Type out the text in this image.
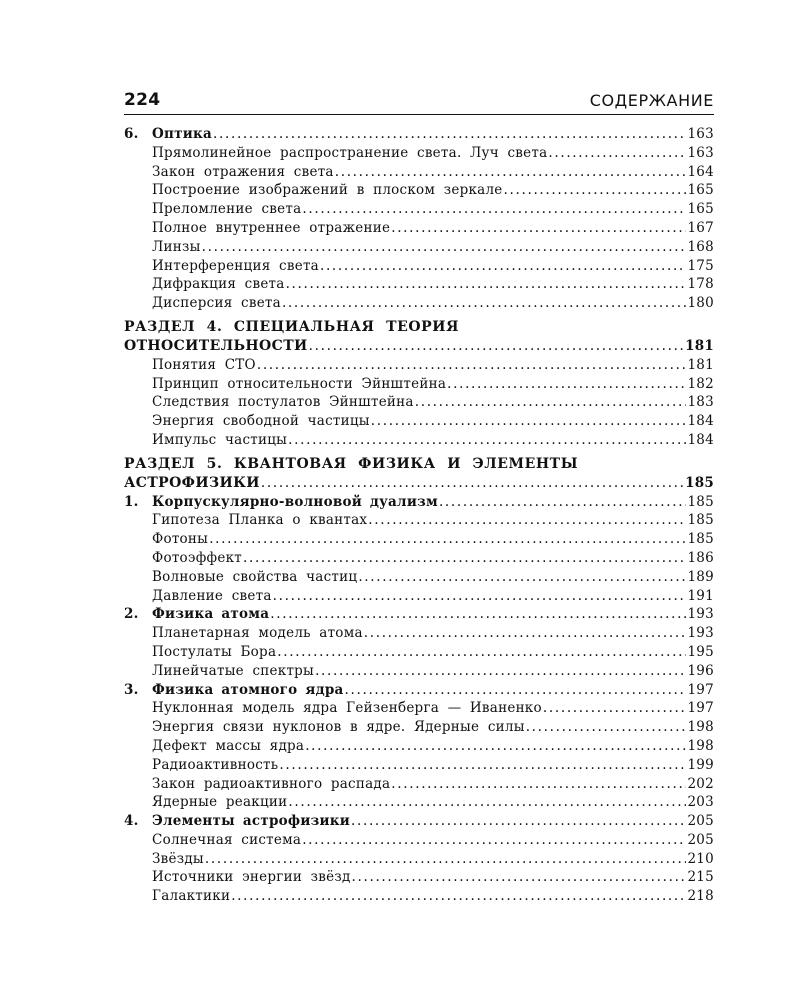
224	СОДЕРЖАНИЕ
6. Оптика . . .	163
Прямолинейное распространение света. Луч света . . .	163
Закон отражения света . . .	164
Построение изображений в плоском зеркале . . .	165
Преломление света . . .	165
Полное внутреннее отражение . . .	167
Линзы . . .	168
Интерференция света . . .	175
Дифракция света . . .	178
Дисперсия света . . .	180
РАЗДЕЛ 4. СПЕЦИАЛЬНАЯ ТЕОРИЯ
ОТНОСИТЕЛЬНОСТИ . . .	181
Понятия СТО . . .	181
Принцип относительности Эйнштейна . . .	182
Следствия постулатов Эйнштейна . . .	183
Энергия свободной частицы . . .	184
Импульс частицы . . .	184
РАЗДЕЛ 5. КВАНТОВАЯ ФИЗИКА И ЭЛЕМЕНТЫ
АСТРОФИЗИКИ . . .	185
1. Корпускулярно-волновой дуализм . . .	185
Гипотеза Планка о квантах . . .	185
Фотоны . . .	185
Фотоэффект . . .	186
Волновые свойства частиц . . .	189
Давление света . . .	191
2. Физика атома . . .	193
Планетарная модель атома . . .	193
Постулаты Бора . . .	195
Линейчатые спектры . . .	196
3. Физика атомного ядра . . .	197
Нуклонная модель ядра Гейзенберга — Иваненко . . .	197
Энергия связи нуклонов в ядре. Ядерные силы . . .	198
Дефект массы ядра . . .	198
Радиоактивность . . .	199
Закон радиоактивного распада . . .	202
Ядерные реакции . . .	203
4. Элементы астрофизики . . .	205
Солнечная система . . .	205
Звёзды . . .	210
Источники энергии звёзд . . .	215
Галактики . . .	218
